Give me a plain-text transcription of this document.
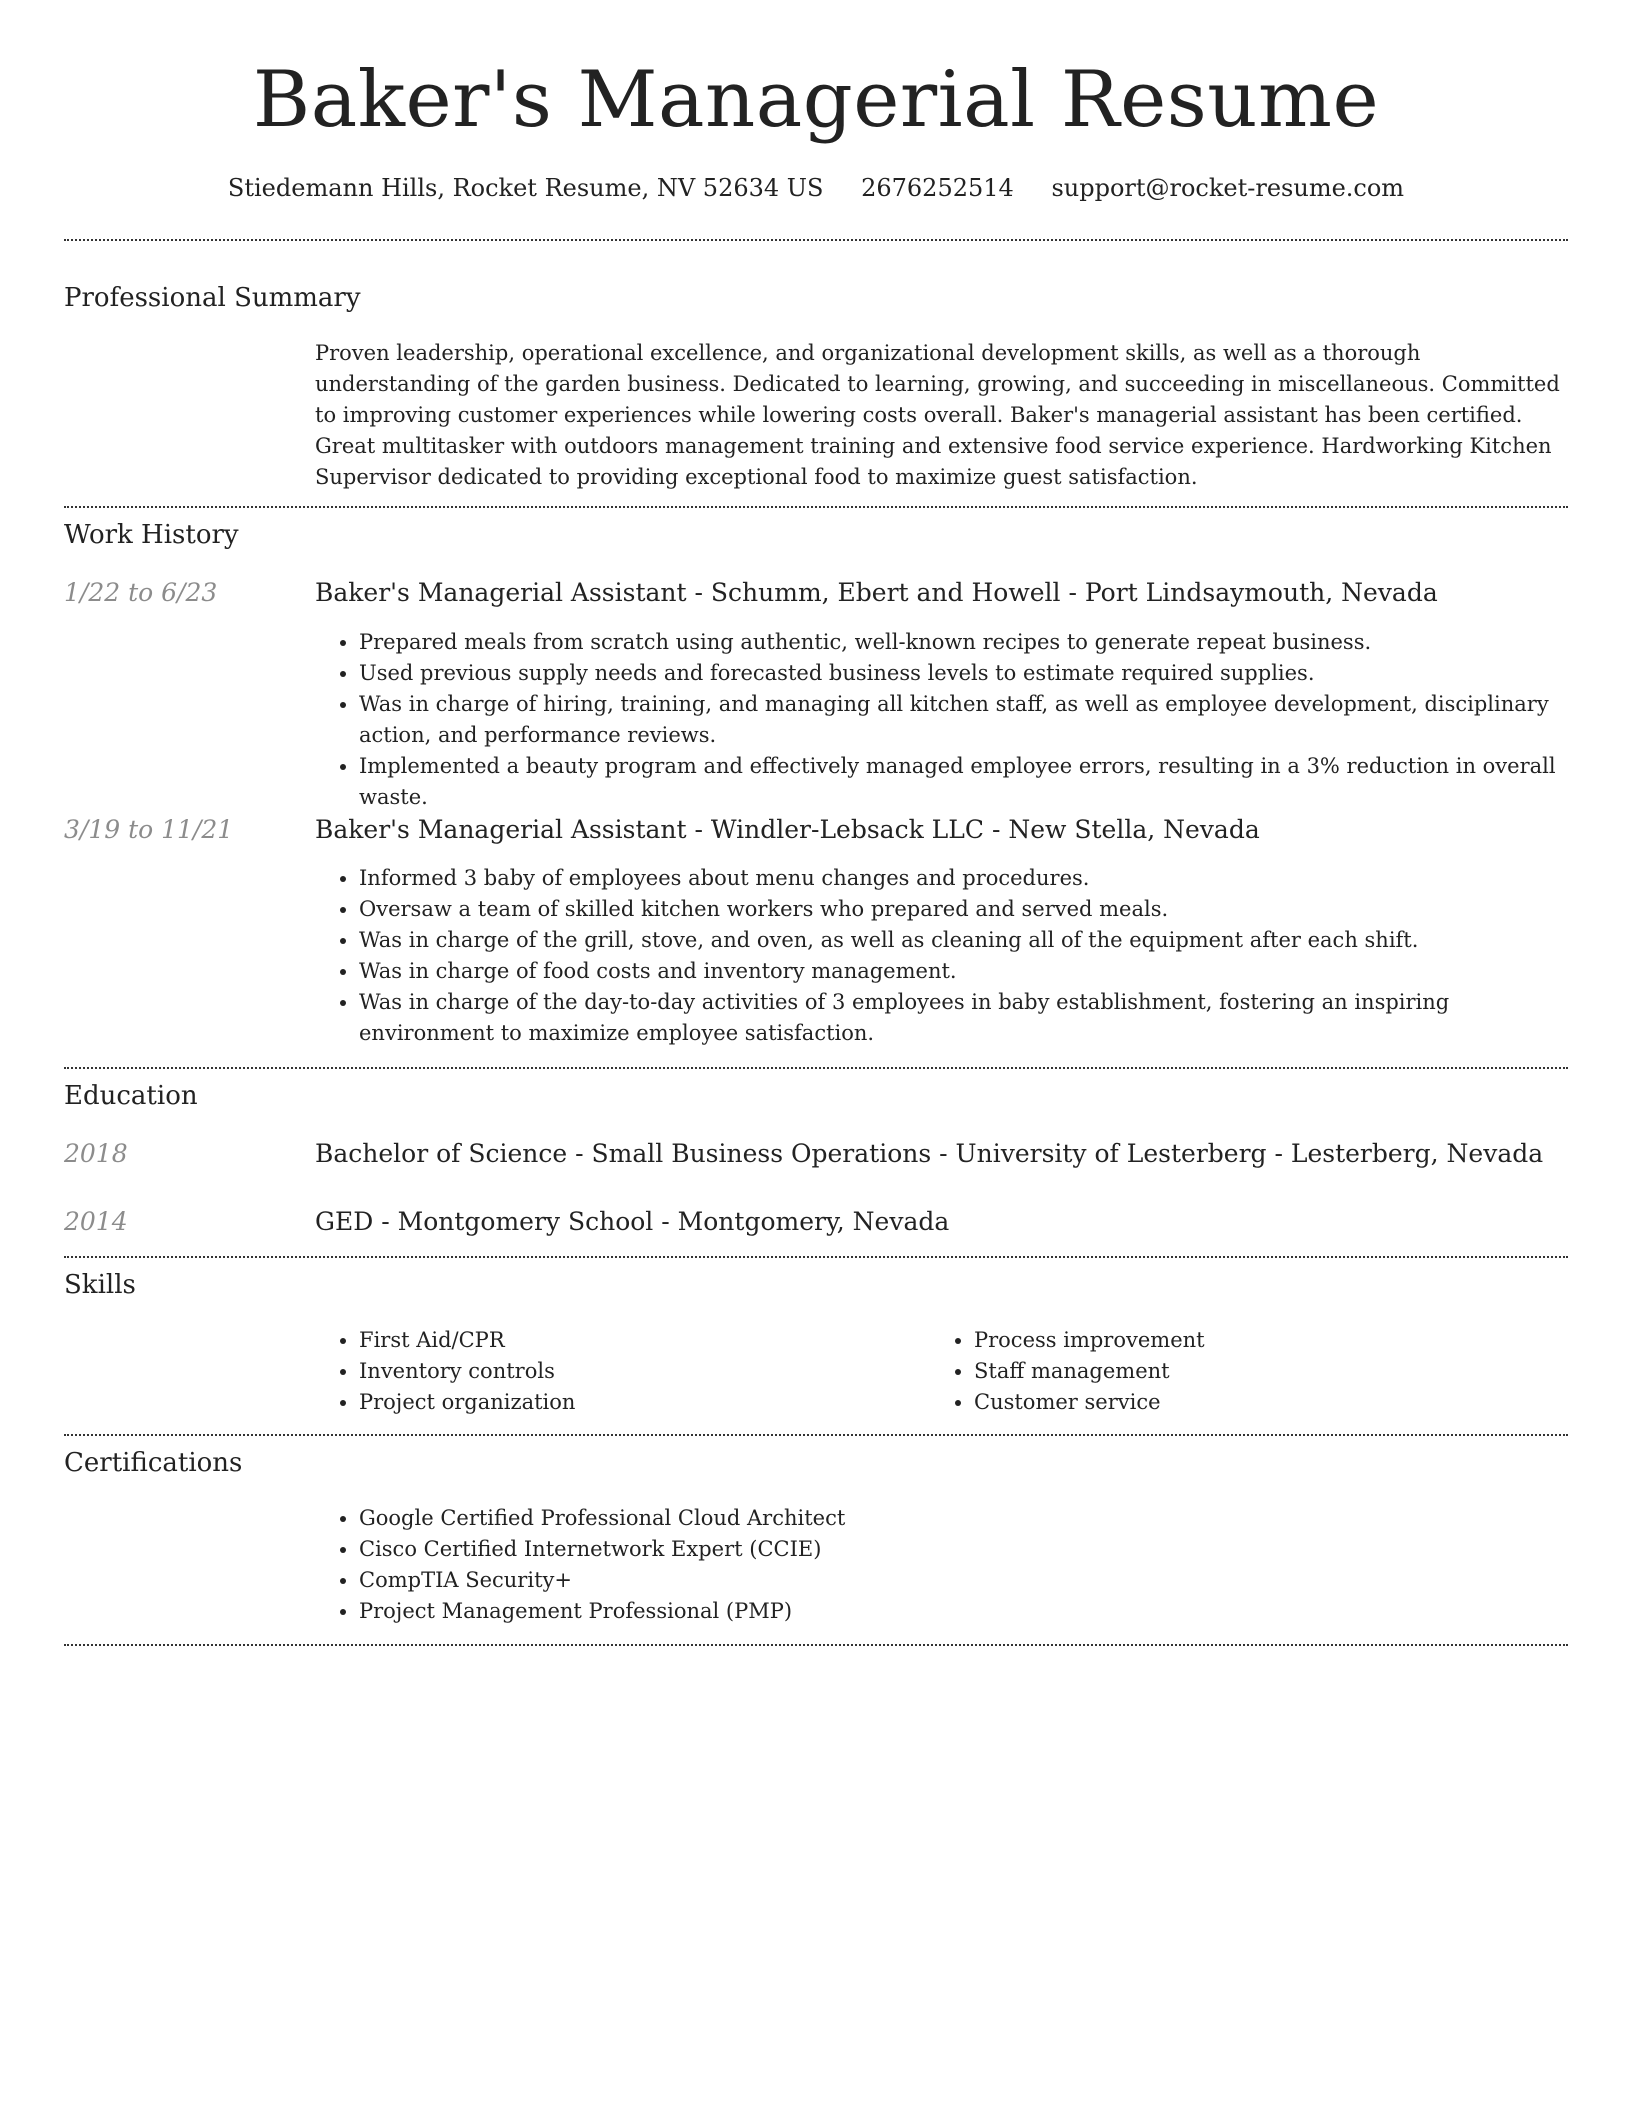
Baker's Managerial Resume
Stiedemann Hills, Rocket Resume, NV 52634 US 2676252514 support@rocket-resume.com
Professional Summary
Proven leadership, operational excellence, and organizational development skills, as well as a thorough understanding of the garden business. Dedicated to learning, growing, and succeeding in miscellaneous. Committed to improving customer experiences while lowering costs overall. Baker's managerial assistant has been certified. Great multitasker with outdoors management training and extensive food service experience. Hardworking Kitchen Supervisor dedicated to providing exceptional food to maximize guest satisfaction.
Work History
1/22 to 6/23	Baker's Managerial Assistant - Schumm, Ebert and Howell - Port Lindsaymouth, Nevada
• Prepared meals from scratch using authentic, well-known recipes to generate repeat business.
• Used previous supply needs and forecasted business levels to estimate required supplies.
• Was in charge of hiring, training, and managing all kitchen staff, as well as employee development, disciplinary action, and performance reviews.
• Implemented a beauty program and effectively managed employee errors, resulting in a 3% reduction in overall waste.
3/19 to 11/21	Baker's Managerial Assistant - Windler-Lebsack LLC - New Stella, Nevada
• Informed 3 baby of employees about menu changes and procedures.
• Oversaw a team of skilled kitchen workers who prepared and served meals.
• Was in charge of the grill, stove, and oven, as well as cleaning all of the equipment after each shift.
• Was in charge of food costs and inventory management.
• Was in charge of the day-to-day activities of 3 employees in baby establishment, fostering an inspiring environment to maximize employee satisfaction.
Education
2018	Bachelor of Science - Small Business Operations - University of Lesterberg - Lesterberg, Nevada
2014	GED - Montgomery School - Montgomery, Nevada
Skills
• First Aid/CPR
• Inventory controls
• Project organization
• Process improvement
• Staff management
• Customer service
Certifications
• Google Certified Professional Cloud Architect
• Cisco Certified Internetwork Expert (CCIE)
• CompTIA Security+
• Project Management Professional (PMP)
